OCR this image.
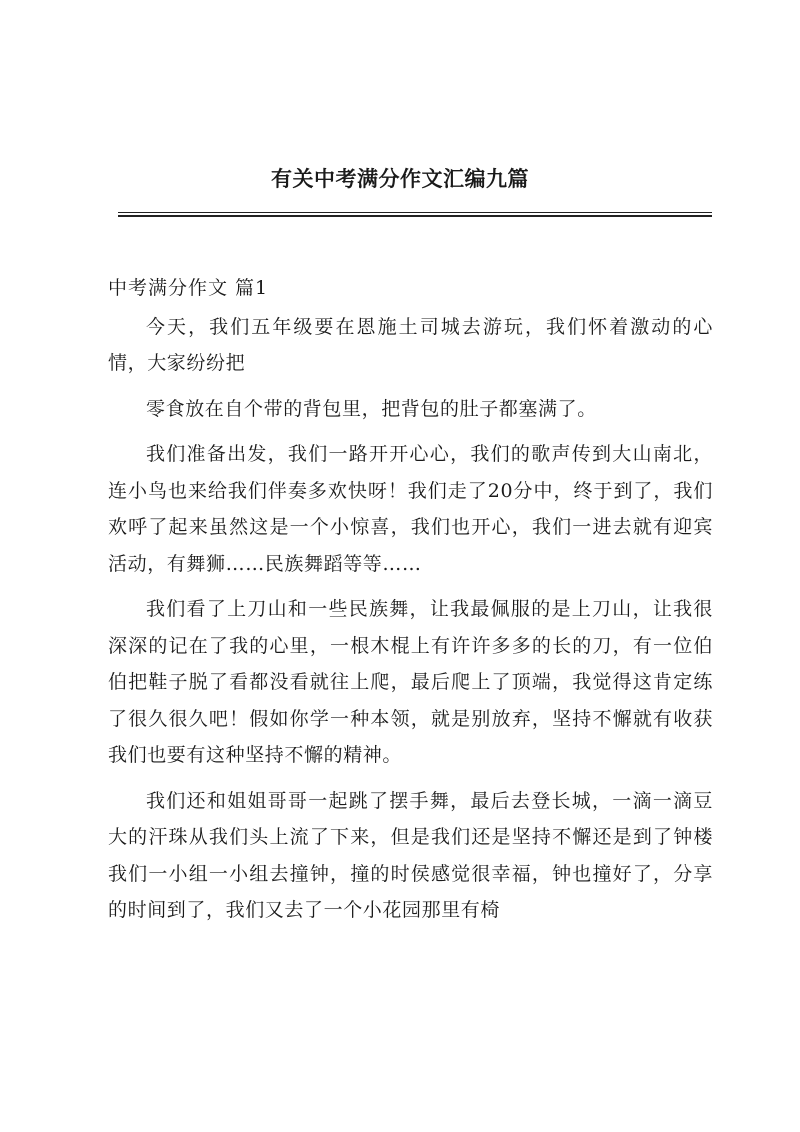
有关中考满分作文汇编九篇
中考满分作文 篇1

今天，我们五年级要在恩施土司城去游玩，我们怀着激动的心情，大家纷纷把

零食放在自个带的背包里，把背包的肚子都塞满了。

我们准备出发，我们一路开开心心，我们的歌声传到大山南北，连小鸟也来给我们伴奏多欢快呀！我们走了20分中，终于到了，我们欢呼了起来虽然这是一个小惊喜，我们也开心，我们一进去就有迎宾活动，有舞狮……民族舞蹈等等……

我们看了上刀山和一些民族舞，让我最佩服的是上刀山，让我很深深的记在了我的心里，一根木棍上有许许多多的长的刀，有一位伯伯把鞋子脱了看都没看就往上爬，最后爬上了顶端，我觉得这肯定练了很久很久吧！假如你学一种本领，就是别放弃，坚持不懈就有收获我们也要有这种坚持不懈的精神。

我们还和姐姐哥哥一起跳了摆手舞，最后去登长城，一滴一滴豆大的汗珠从我们头上流了下来，但是我们还是坚持不懈还是到了钟楼我们一小组一小组去撞钟，撞的时侯感觉很幸福，钟也撞好了，分享的时间到了，我们又去了一个小花园那里有椅
